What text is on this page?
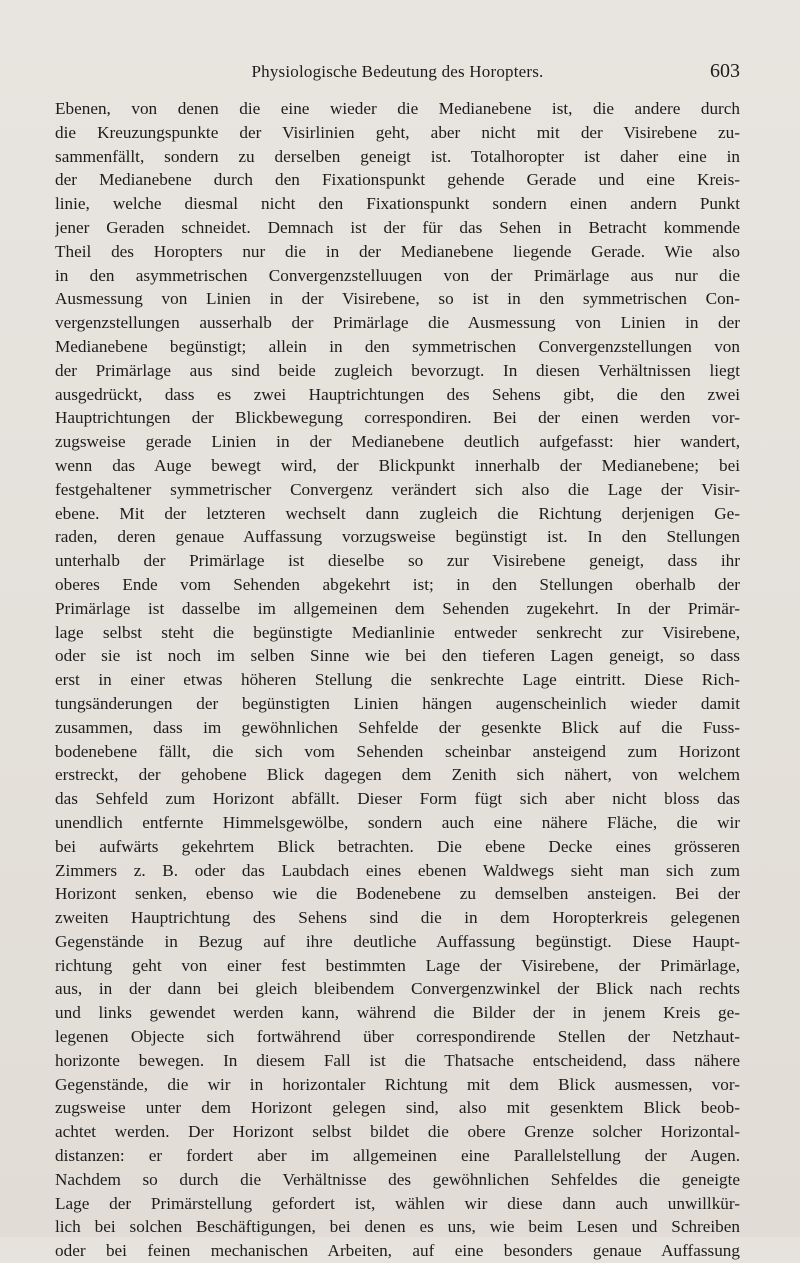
Physiologische Bedeutung des Horopters.	603
Ebenen, von denen die eine wieder die Medianebene ist, die andere durch
die Kreuzungspunkte der Visirlinien geht, aber nicht mit der Visirebene zu-
sammenfällt, sondern zu derselben geneigt ist. Totalhoropter ist daher eine in
der Medianebene durch den Fixationspunkt gehende Gerade und eine Kreis-
linie, welche diesmal nicht den Fixationspunkt sondern einen andern Punkt
jener Geraden schneidet. Demnach ist der für das Sehen in Betracht kommende
Theil des Horopters nur die in der Medianebene liegende Gerade. Wie also
in den asymmetrischen Convergenzstelluugen von der Primärlage aus nur die
Ausmessung von Linien in der Visirebene, so ist in den symmetrischen Con-
vergenzstellungen ausserhalb der Primärlage die Ausmessung von Linien in der
Medianebene begünstigt; allein in den symmetrischen Convergenzstellungen von
der Primärlage aus sind beide zugleich bevorzugt. In diesen Verhältnissen liegt
ausgedrückt, dass es zwei Hauptrichtungen des Sehens gibt, die den zwei
Hauptrichtungen der Blickbewegung correspondiren. Bei der einen werden vor-
zugsweise gerade Linien in der Medianebene deutlich aufgefasst: hier wandert,
wenn das Auge bewegt wird, der Blickpunkt innerhalb der Medianebene; bei
festgehaltener symmetrischer Convergenz verändert sich also die Lage der Visir-
ebene. Mit der letzteren wechselt dann zugleich die Richtung derjenigen Ge-
raden, deren genaue Auffassung vorzugsweise begünstigt ist. In den Stellungen
unterhalb der Primärlage ist dieselbe so zur Visirebene geneigt, dass ihr
oberes Ende vom Sehenden abgekehrt ist; in den Stellungen oberhalb der
Primärlage ist dasselbe im allgemeinen dem Sehenden zugekehrt. In der Primär-
lage selbst steht die begünstigte Medianlinie entweder senkrecht zur Visirebene,
oder sie ist noch im selben Sinne wie bei den tieferen Lagen geneigt, so dass
erst in einer etwas höheren Stellung die senkrechte Lage eintritt. Diese Rich-
tungsänderungen der begünstigten Linien hängen augenscheinlich wieder damit
zusammen, dass im gewöhnlichen Sehfelde der gesenkte Blick auf die Fuss-
bodenebene fällt, die sich vom Sehenden scheinbar ansteigend zum Horizont
erstreckt, der gehobene Blick dagegen dem Zenith sich nähert, von welchem
das Sehfeld zum Horizont abfällt. Dieser Form fügt sich aber nicht bloss das
unendlich entfernte Himmelsgewölbe, sondern auch eine nähere Fläche, die wir
bei aufwärts gekehrtem Blick betrachten. Die ebene Decke eines grösseren
Zimmers z. B. oder das Laubdach eines ebenen Waldwegs sieht man sich zum
Horizont senken, ebenso wie die Bodenebene zu demselben ansteigen. Bei der
zweiten Hauptrichtung des Sehens sind die in dem Horopterkreis gelegenen
Gegenstände in Bezug auf ihre deutliche Auffassung begünstigt. Diese Haupt-
richtung geht von einer fest bestimmten Lage der Visirebene, der Primärlage,
aus, in der dann bei gleich bleibendem Convergenzwinkel der Blick nach rechts
und links gewendet werden kann, während die Bilder der in jenem Kreis ge-
legenen Objecte sich fortwährend über correspondirende Stellen der Netzhaut-
horizonte bewegen. In diesem Fall ist die Thatsache entscheidend, dass nähere
Gegenstände, die wir in horizontaler Richtung mit dem Blick ausmessen, vor-
zugsweise unter dem Horizont gelegen sind, also mit gesenktem Blick beob-
achtet werden. Der Horizont selbst bildet die obere Grenze solcher Horizontal-
distanzen: er fordert aber im allgemeinen eine Parallelstellung der Augen.
Nachdem so durch die Verhältnisse des gewöhnlichen Sehfeldes die geneigte
Lage der Primärstellung gefordert ist, wählen wir diese dann auch unwillkür-
lich bei solchen Beschäftigungen, bei denen es uns, wie beim Lesen und Schreiben
oder bei feinen mechanischen Arbeiten, auf eine besonders genaue Auffassung
